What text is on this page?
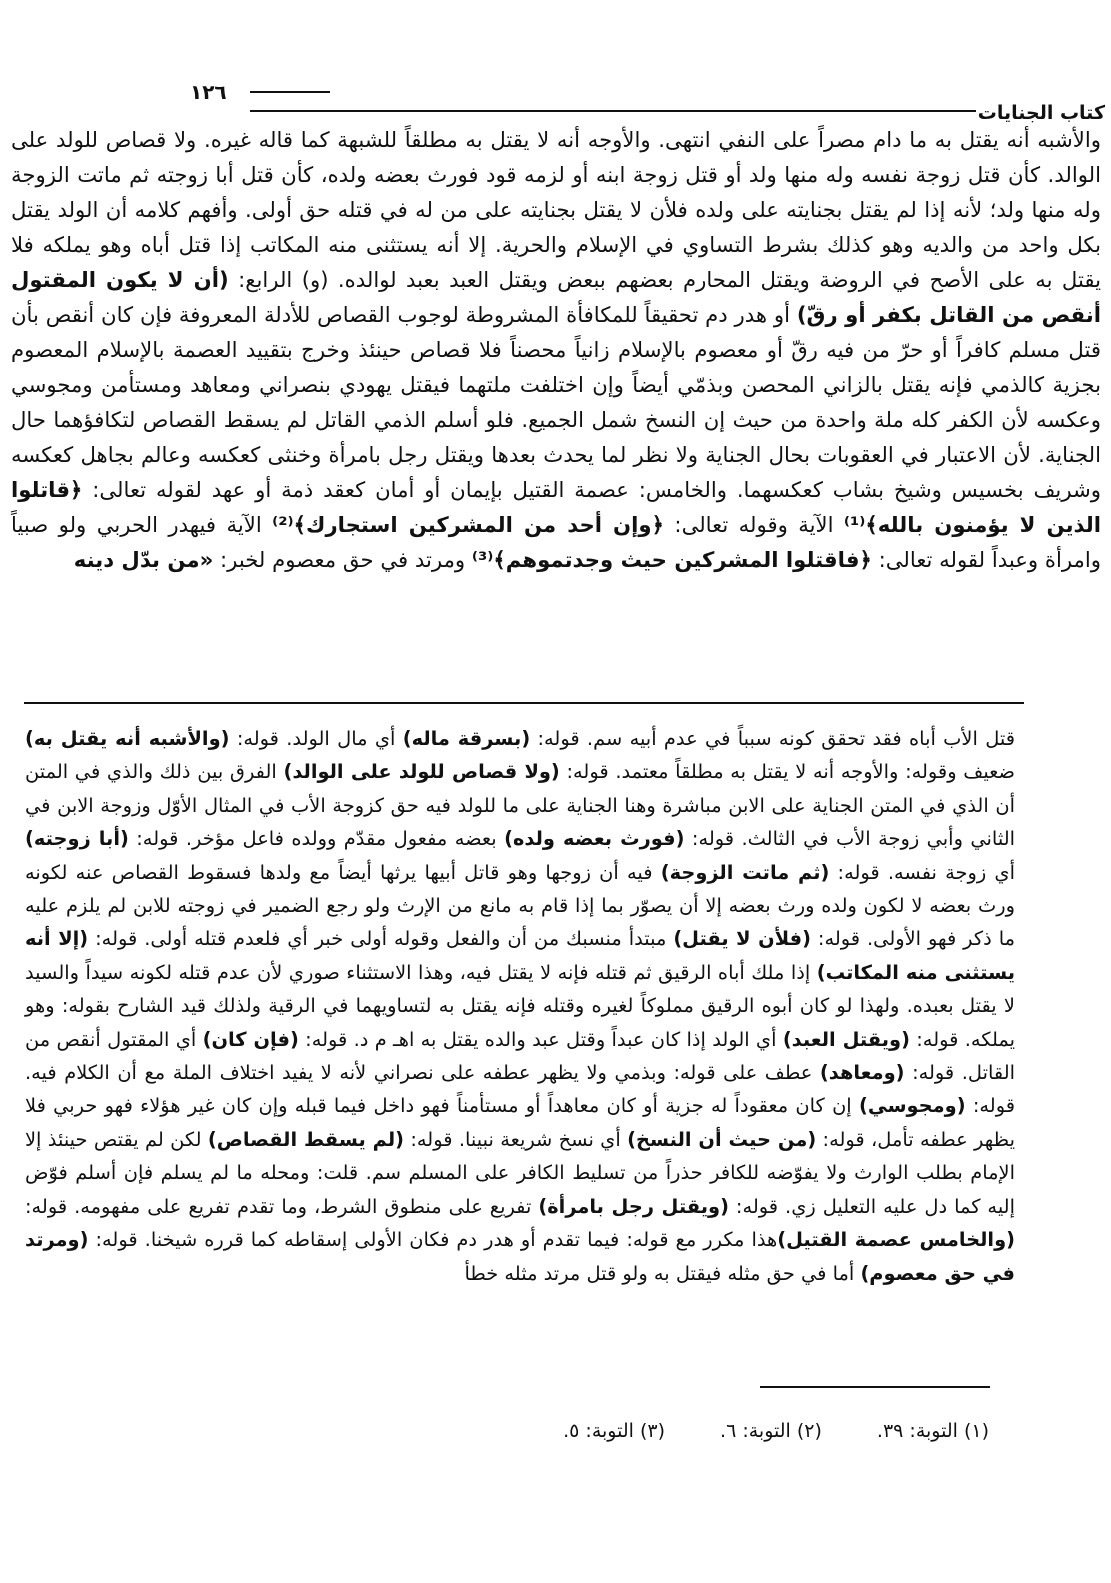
كتاب الجنايات
١٢٦

والأشبه أنه يقتل به ما دام مصراً على النفي انتهى. والأوجه أنه لا يقتل به مطلقاً للشبهة كما قاله غيره. ولا قصاص للولد على الوالد. كأن قتل زوجة نفسه وله منها ولد أو قتل زوجة ابنه أو لزمه قود فورث بعضه ولده، كأن قتل أبا زوجته ثم ماتت الزوجة وله منها ولد؛ لأنه إذا لم يقتل بجنايته على ولده فلأن لا يقتل بجنايته على من له في قتله حق أولى. وأفهم كلامه أن الولد يقتل بكل واحد من والديه وهو كذلك بشرط التساوي في الإسلام والحرية. إلا أنه يستثنى منه المكاتب إذا قتل أباه وهو يملكه فلا يقتل به على الأصح في الروضة ويقتل المحارم بعضهم ببعض ويقتل العبد بعبد لوالده. (و) الرابع: (أن لا يكون المقتول أنقص من القاتل بكفر أو رقّ) أو هدر دم تحقيقاً للمكافأة المشروطة لوجوب القصاص للأدلة المعروفة فإن كان أنقص بأن قتل مسلم كافراً أو حرّ من فيه رقّ أو معصوم بالإسلام زانياً محصناً فلا قصاص حينئذ وخرج بتقييد العصمة بالإسلام المعصوم بجزية كالذمي فإنه يقتل بالزاني المحصن وبذمّي أيضاً وإن اختلفت ملتهما فيقتل يهودي بنصراني ومعاهد ومستأمن ومجوسي وعكسه لأن الكفر كله ملة واحدة من حيث إن النسخ شمل الجميع. فلو أسلم الذمي القاتل لم يسقط القصاص لتكافؤهما حال الجناية. لأن الاعتبار في العقوبات بحال الجناية ولا نظر لما يحدث بعدها ويقتل رجل بامرأة وخنثى كعكسه وعالم بجاهل كعكسه وشريف بخسيس وشيخ بشاب كعكسهما. والخامس: عصمة القتيل بإيمان أو أمان كعقد ذمة أو عهد لقوله تعالى: ﴿قاتلوا الذين لا يؤمنون بالله﴾⁽¹⁾ الآية وقوله تعالى: ﴿وإن أحد من المشركين استجارك﴾⁽²⁾ الآية فيهدر الحربي ولو صبياً وامرأة وعبداً لقوله تعالى: ﴿فاقتلوا المشركين حيث وجدتموهم﴾⁽³⁾ ومرتد في حق معصوم لخبر: «من بدّل دينه

قتل الأب أباه فقد تحقق كونه سبباً في عدم أبيه سم. قوله: (بسرقة ماله) أي مال الولد. قوله: (والأشبه أنه يقتل به) ضعيف وقوله: والأوجه أنه لا يقتل به مطلقاً معتمد. قوله: (ولا قصاص للولد على الوالد) الفرق بين ذلك والذي في المتن أن الذي في المتن الجناية على الابن مباشرة وهنا الجناية على ما للولد فيه حق كزوجة الأب في المثال الأوّل وزوجة الابن في الثاني وأبي زوجة الأب في الثالث. قوله: (فورث بعضه ولده) بعضه مفعول مقدّم وولده فاعل مؤخر. قوله: (أبا زوجته) أي زوجة نفسه. قوله: (ثم ماتت الزوجة) فيه أن زوجها وهو قاتل أبيها يرثها أيضاً مع ولدها فسقوط القصاص عنه لكونه ورث بعضه لا لكون ولده ورث بعضه إلا أن يصوّر بما إذا قام به مانع من الإرث ولو رجع الضمير في زوجته للابن لم يلزم عليه ما ذكر فهو الأولى. قوله: (فلأن لا يقتل) مبتدأ منسبك من أن والفعل وقوله أولى خبر أي فلعدم قتله أولى. قوله: (إلا أنه يستثنى منه المكاتب) إذا ملك أباه الرقيق ثم قتله فإنه لا يقتل فيه، وهذا الاستثناء صوري لأن عدم قتله لكونه سيداً والسيد لا يقتل بعبده. ولهذا لو كان أبوه الرقيق مملوكاً لغيره وقتله فإنه يقتل به لتساويهما في الرقية ولذلك قيد الشارح بقوله: وهو يملكه. قوله: (ويقتل العبد) أي الولد إذا كان عبداً وقتل عبد والده يقتل به اهـ م د. قوله: (فإن كان) أي المقتول أنقص من القاتل. قوله: (ومعاهد) عطف على قوله: وبذمي ولا يظهر عطفه على نصراني لأنه لا يفيد اختلاف الملة مع أن الكلام فيه. قوله: (ومجوسي) إن كان معقوداً له جزية أو كان معاهداً أو مستأمناً فهو داخل فيما قبله وإن كان غير هؤلاء فهو حربي فلا يظهر عطفه تأمل، قوله: (من حيث أن النسخ) أي نسخ شريعة نبينا. قوله: (لم يسقط القصاص) لكن لم يقتص حينئذ إلا الإمام بطلب الوارث ولا يفوّضه للكافر حذراً من تسليط الكافر على المسلم سم. قلت: ومحله ما لم يسلم فإن أسلم فوّض إليه كما دل عليه التعليل زي. قوله: (ويقتل رجل بامرأة) تفريع على منطوق الشرط، وما تقدم تفريع على مفهومه. قوله:(والخامس عصمة القتيل)هذا مكرر مع قوله: فيما تقدم أو هدر دم فكان الأولى إسقاطه كما قرره شيخنا. قوله: (ومرتد في حق معصوم) أما في حق مثله فيقتل به ولو قتل مرتد مثله خطأ

(١) التوبة: ٣٩.(٢) التوبة: ٦.(٣) التوبة: ٥.
